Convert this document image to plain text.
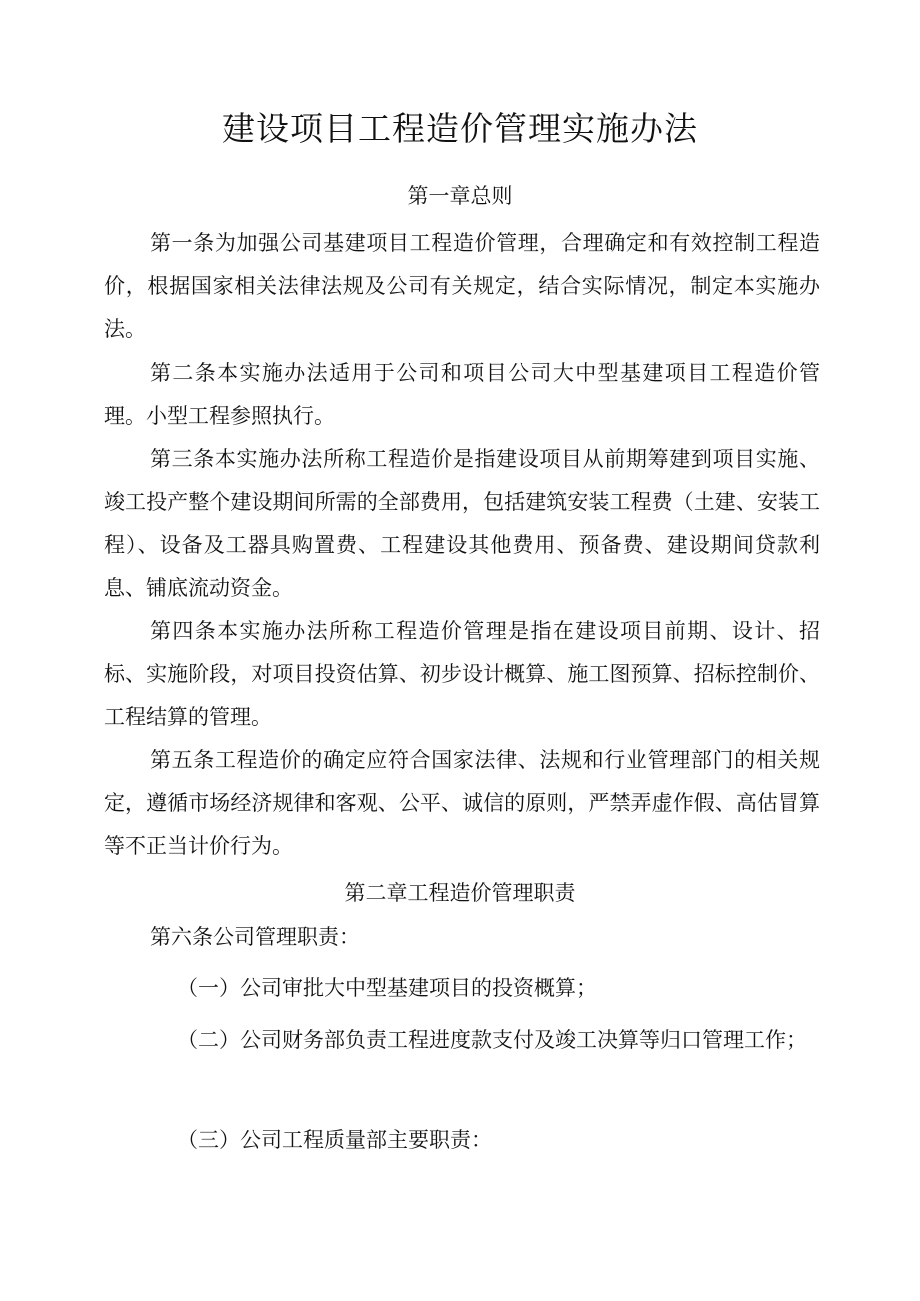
建设项目工程造价管理实施办法
第一章总则
第一条为加强公司基建项目工程造价管理，合理确定和有效控制工程造价，根据国家相关法律法规及公司有关规定，结合实际情况，制定本实施办法。
第二条本实施办法适用于公司和项目公司大中型基建项目工程造价管理。小型工程参照执行。
第三条本实施办法所称工程造价是指建设项目从前期筹建到项目实施、竣工投产整个建设期间所需的全部费用，包括建筑安装工程费（土建、安装工程）、设备及工器具购置费、工程建设其他费用、预备费、建设期间贷款利息、铺底流动资金。
第四条本实施办法所称工程造价管理是指在建设项目前期、设计、招标、实施阶段，对项目投资估算、初步设计概算、施工图预算、招标控制价、工程结算的管理。
第五条工程造价的确定应符合国家法律、法规和行业管理部门的相关规定，遵循市场经济规律和客观、公平、诚信的原则，严禁弄虚作假、高估冒算等不正当计价行为。
第二章工程造价管理职责
第六条公司管理职责：
（一）公司审批大中型基建项目的投资概算；
（二）公司财务部负责工程进度款支付及竣工决算等归口管理工作；
（三）公司工程质量部主要职责：
